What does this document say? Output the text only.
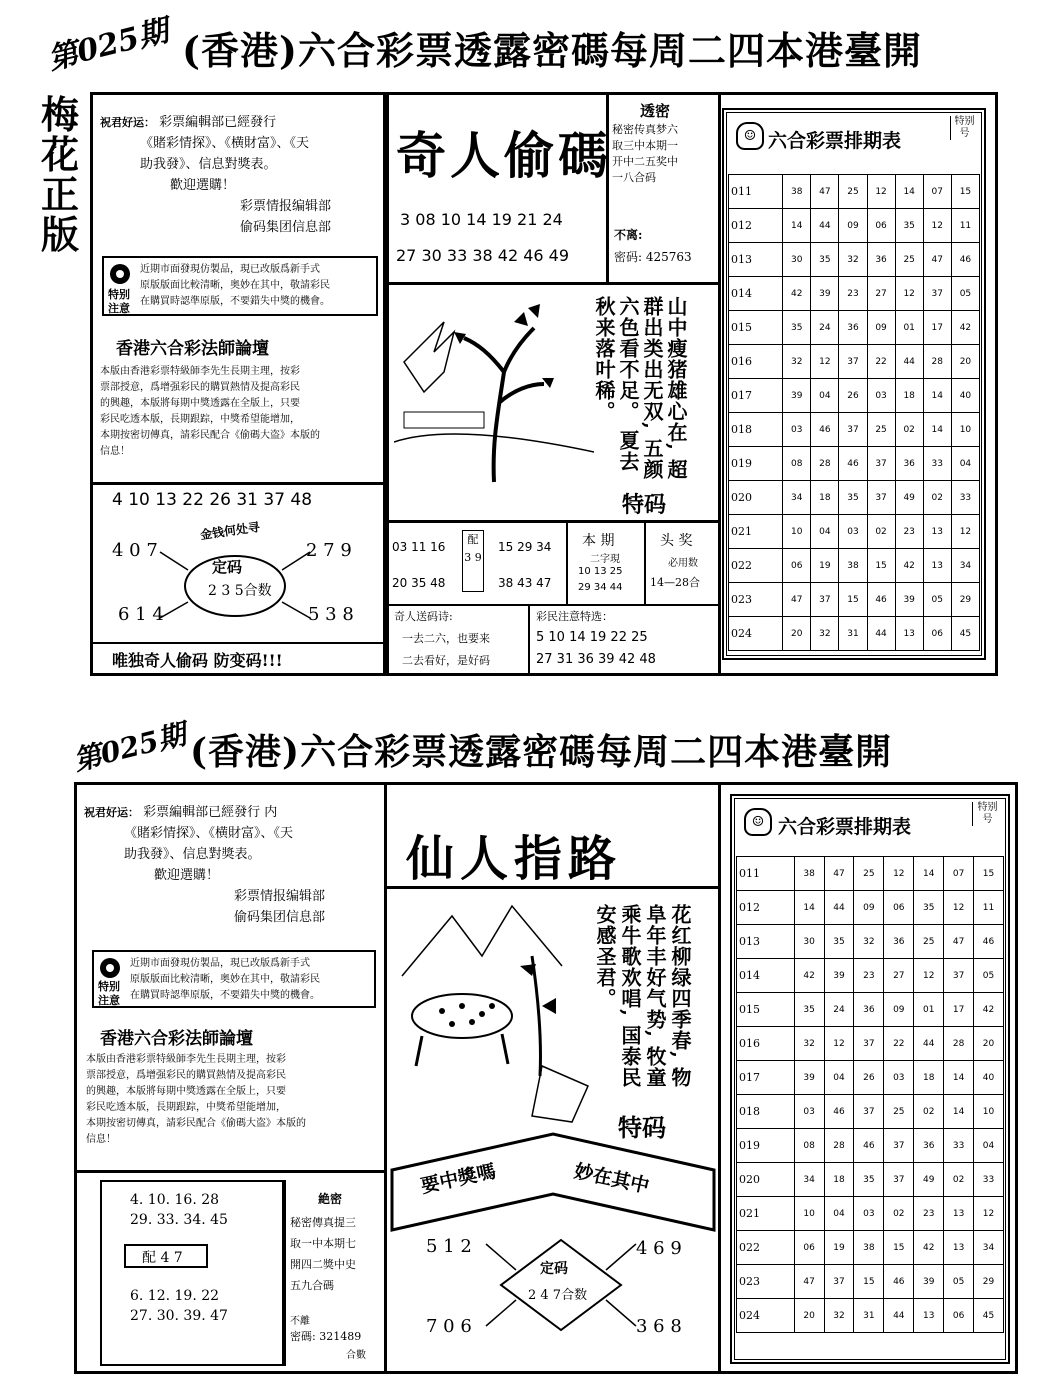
第025期 (香港)六合彩票透露密碼每周二四本港臺開
梅
花
正
版
祝君好运： 彩票編輯部已經發行
《賭彩情探》、《横財富》、《天
助我發》、信息對獎表。
歡迎選購！
彩票情报编辑部
偷码集团信息部
特别
注意
近期市面發現仿製品，現已改版爲新手式
原版版面比較清晰，奥妙在其中，敬請彩民
在購買時認準原版，不要錯失中獎的機會。
香港六合彩法師論壇
本版由香港彩票特級師李先生長期主理，按彩
票部授意，爲增强彩民的購買熱情及提高彩民
的興趣，本版將每期中獎透露在全版上，只要
彩民吃透本版，長期跟踪，中獎希望能增加，
本期按密切傳真，請彩民配合《偷碼大盗》本版的
信息！
4 10 13 22 26 31 37 48
金钱何处寻
4 0 7	2 7 9
6 1 4	5 3 8
定码
2 3 5合数
唯独奇人偷码 防变码!!!
奇人偷碼
3 08 10 14 19 21 24
27 30 33 38 42 46 49
透密
秘密传真梦六
取三中本期一
开中二五奖中
一八合码
不离:
密码: 425763
山中瘦猪雄心在, 超群出类出无双, 五颜六色看不足。 夏去秋来落叶稀。
特码
03 11 16
20 35 48
配
3 9
15 29 34
38 43 47
本 期
二字現
10 13 25
29 34 44
头 奖
必用数
14—28合
奇人送码诗:
一去二六，也要来
二去看好，是好码
彩民注意特选：
5 10 14 19 22 25
27 31 36 39 42 48
☺ 六合彩票排期表
特别号
011	38	47	25	12	14	07	15
012	14	44	09	06	35	12	11
013	30	35	32	36	25	47	46
014	42	39	23	27	12	37	05
015	35	24	36	09	01	17	42
016	32	12	37	22	44	28	20
017	39	04	26	03	18	14	40
018	03	46	37	25	02	14	10
019	08	28	46	37	36	33	04
020	34	18	35	37	49	02	33
021	10	04	03	02	23	13	12
022	06	19	38	15	42	13	34
023	47	37	15	46	39	05	29
024	20	32	31	44	13	06	45
第025期 (香港)六合彩票透露密碼每周二四本港臺開
祝君好运： 彩票編輯部已經發行 内
《賭彩情探》、《横財富》、《天
助我發》、信息對獎表。
歡迎選購！
彩票情报编辑部
偷码集团信息部
特别
注意
近期市面發現仿製品，現已改版爲新手式
原版版面比較清晰，奥妙在其中，敬請彩民
在購買時認準原版，不要錯失中獎的機會。
香港六合彩法師論壇
本版由香港彩票特級師李先生長期主理，按彩
票部授意，爲增强彩民的購買熱情及提高彩民
的興趣，本版將每期中獎透露在全版上，只要
彩民吃透本版，長期跟踪，中獎希望能增加，
本期按密切傳真，請彩民配合《偷碼大盗》本版的
信息！
4. 10. 16. 28
29. 33. 34. 45
配 4 7
6. 12. 19. 22
27. 30. 39. 47
絶密
秘密傳真提三
取一中本期七
開四二獎中史
五九合碼
不離
密碼: 321489
合數
仙人指路
花红柳绿四季春, 物阜年丰好气势, 牧童乘牛歌欢唱, 国泰民安感圣君。
特码
要中獎嗎	妙在其中
定码
2 4 7合数
5 1 2	4 6 9
7 0 6	3 6 8
☺ 六合彩票排期表
特别号
011	38	47	25	12	14	07	15
012	14	44	09	06	35	12	11
013	30	35	32	36	25	47	46
014	42	39	23	27	12	37	05
015	35	24	36	09	01	17	42
016	32	12	37	22	44	28	20
017	39	04	26	03	18	14	40
018	03	46	37	25	02	14	10
019	08	28	46	37	36	33	04
020	34	18	35	37	49	02	33
021	10	04	03	02	23	13	12
022	06	19	38	15	42	13	34
023	47	37	15	46	39	05	29
024	20	32	31	44	13	06	45
